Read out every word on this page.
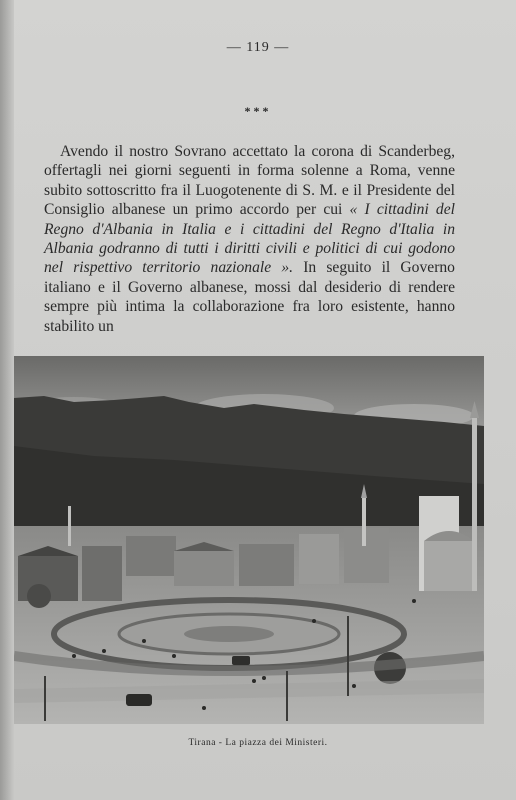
— 119 —
***

Avendo il nostro Sovrano accettato la corona di Scanderbeg, offertagli nei giorni seguenti in forma solenne a Roma, venne subito sottoscritto fra il Luogotenente di S. M. e il Presidente del Consiglio albanese un primo accordo per cui « I cittadini del Regno d'Albania in Italia e i cittadini del Regno d'Italia in Albania godranno di tutti i diritti civili e politici di cui godono nel rispettivo territorio nazionale ». In seguito il Governo italiano e il Governo albanese, mossi dal desiderio di rendere sempre più intima la collaborazione fra loro esistente, hanno stabilito un

Tirana - La piazza dei Ministeri.
